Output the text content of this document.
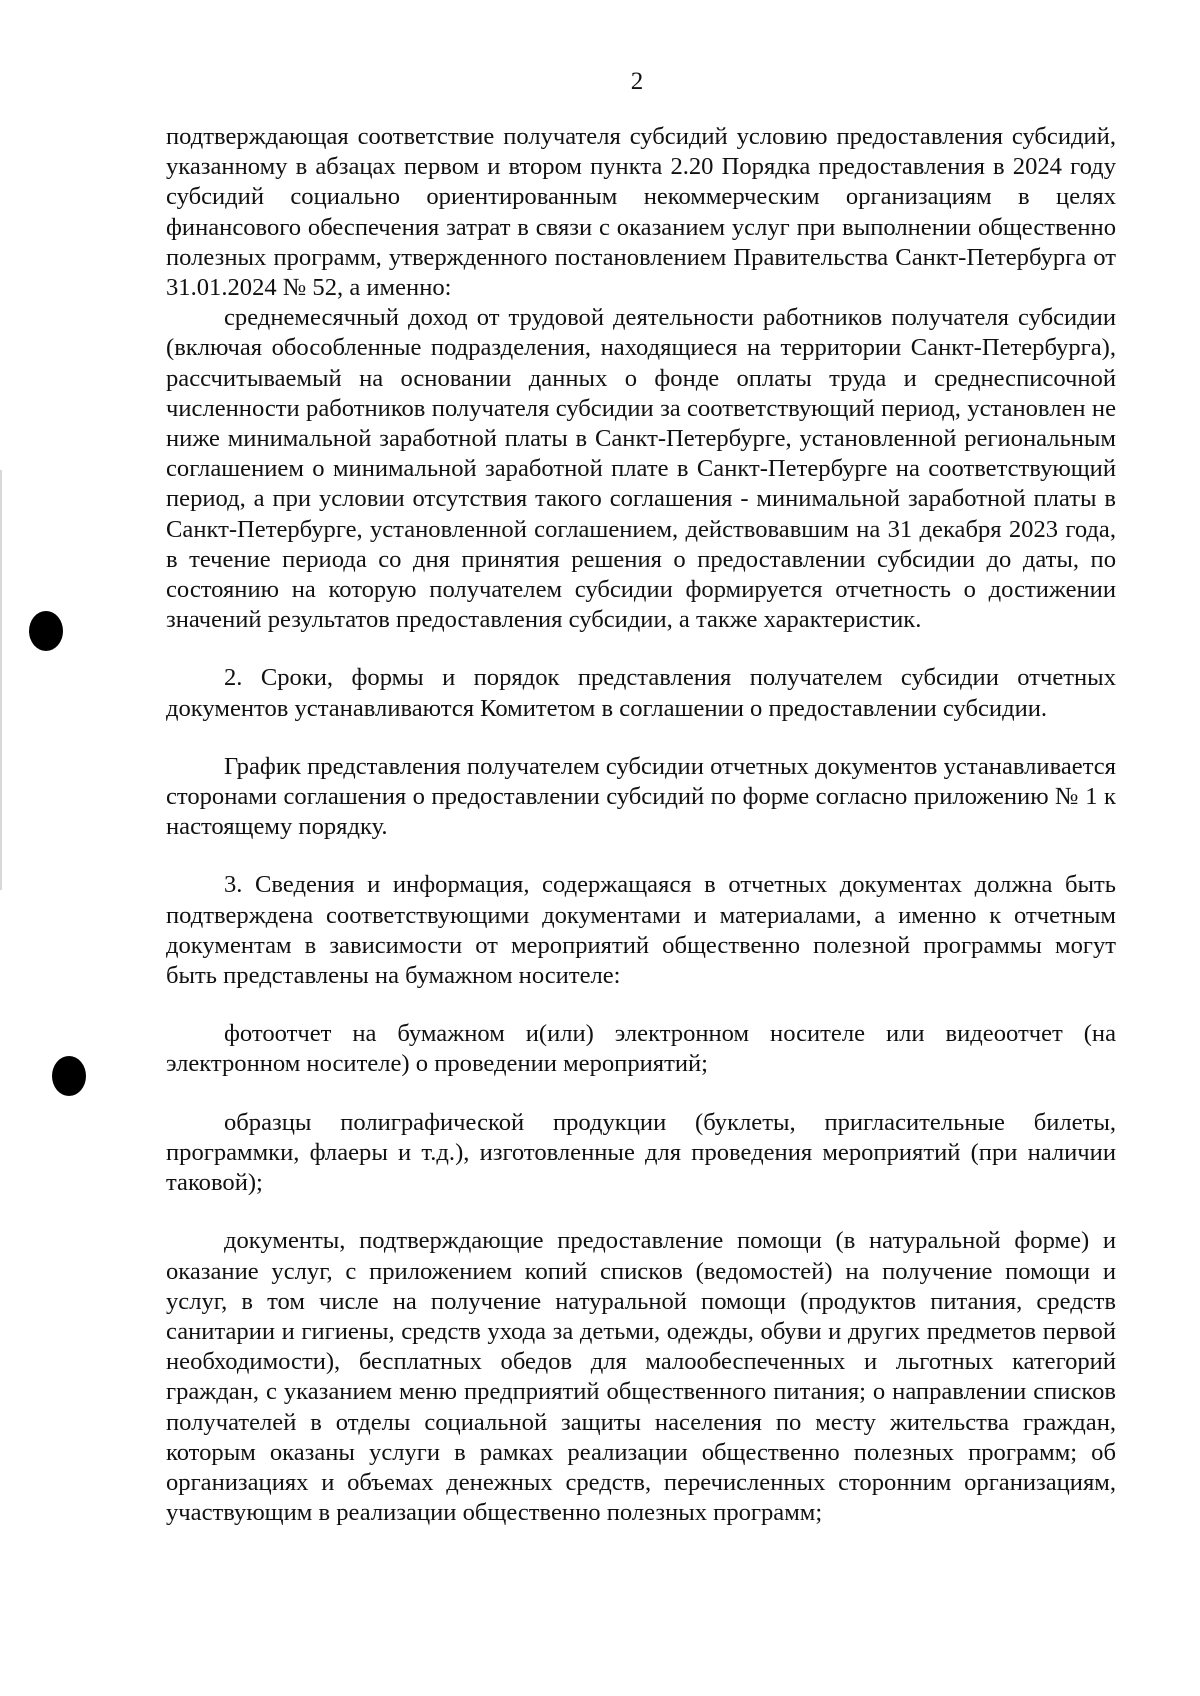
2

подтверждающая соответствие получателя субсидий условию предоставления субсидий, указанному в абзацах первом и втором пункта 2.20 Порядка предоставления в 2024 году субсидий социально ориентированным некоммерческим организациям в целях финансового обеспечения затрат в связи с оказанием услуг при выполнении общественно полезных программ, утвержденного постановлением Правительства Санкт-Петербурга от 31.01.2024 № 52, а именно:

среднемесячный доход от трудовой деятельности работников получателя субсидии (включая обособленные подразделения, находящиеся на территории Санкт-Петербурга), рассчитываемый на основании данных о фонде оплаты труда и среднесписочной численности работников получателя субсидии за соответствующий период, установлен не ниже минимальной заработной платы в Санкт-Петербурге, установленной региональным соглашением о минимальной заработной плате в Санкт-Петербурге на соответствующий период, а при условии отсутствия такого соглашения - минимальной заработной платы в Санкт-Петербурге, установленной соглашением, действовавшим на 31 декабря 2023 года, в течение периода со дня принятия решения о предоставлении субсидии до даты, по состоянию на которую получателем субсидии формируется отчетность о достижении значений результатов предоставления субсидии, а также характеристик.

2. Сроки, формы и порядок представления получателем субсидии отчетных документов устанавливаются Комитетом в соглашении о предоставлении субсидии.

График представления получателем субсидии отчетных документов устанавливается сторонами соглашения о предоставлении субсидий по форме согласно приложению № 1 к настоящему порядку.

3. Сведения и информация, содержащаяся в отчетных документах должна быть подтверждена соответствующими документами и материалами, а именно к отчетным документам в зависимости от мероприятий общественно полезной программы могут быть представлены на бумажном носителе:

фотоотчет на бумажном и(или) электронном носителе или видеоотчет (на электронном носителе) о проведении мероприятий;

образцы полиграфической продукции (буклеты, пригласительные билеты, программки, флаеры и т.д.), изготовленные для проведения мероприятий (при наличии таковой);

документы, подтверждающие предоставление помощи (в натуральной форме) и оказание услуг, с приложением копий списков (ведомостей) на получение помощи и услуг, в том числе на получение натуральной помощи (продуктов питания, средств санитарии и гигиены, средств ухода за детьми, одежды, обуви и других предметов первой необходимости), бесплатных обедов для малообеспеченных и льготных категорий граждан, с указанием меню предприятий общественного питания; о направлении списков получателей в отделы социальной защиты населения по месту жительства граждан, которым оказаны услуги в рамках реализации общественно полезных программ; об организациях и объемах денежных средств, перечисленных сторонним организациям, участвующим в реализации общественно полезных программ;
